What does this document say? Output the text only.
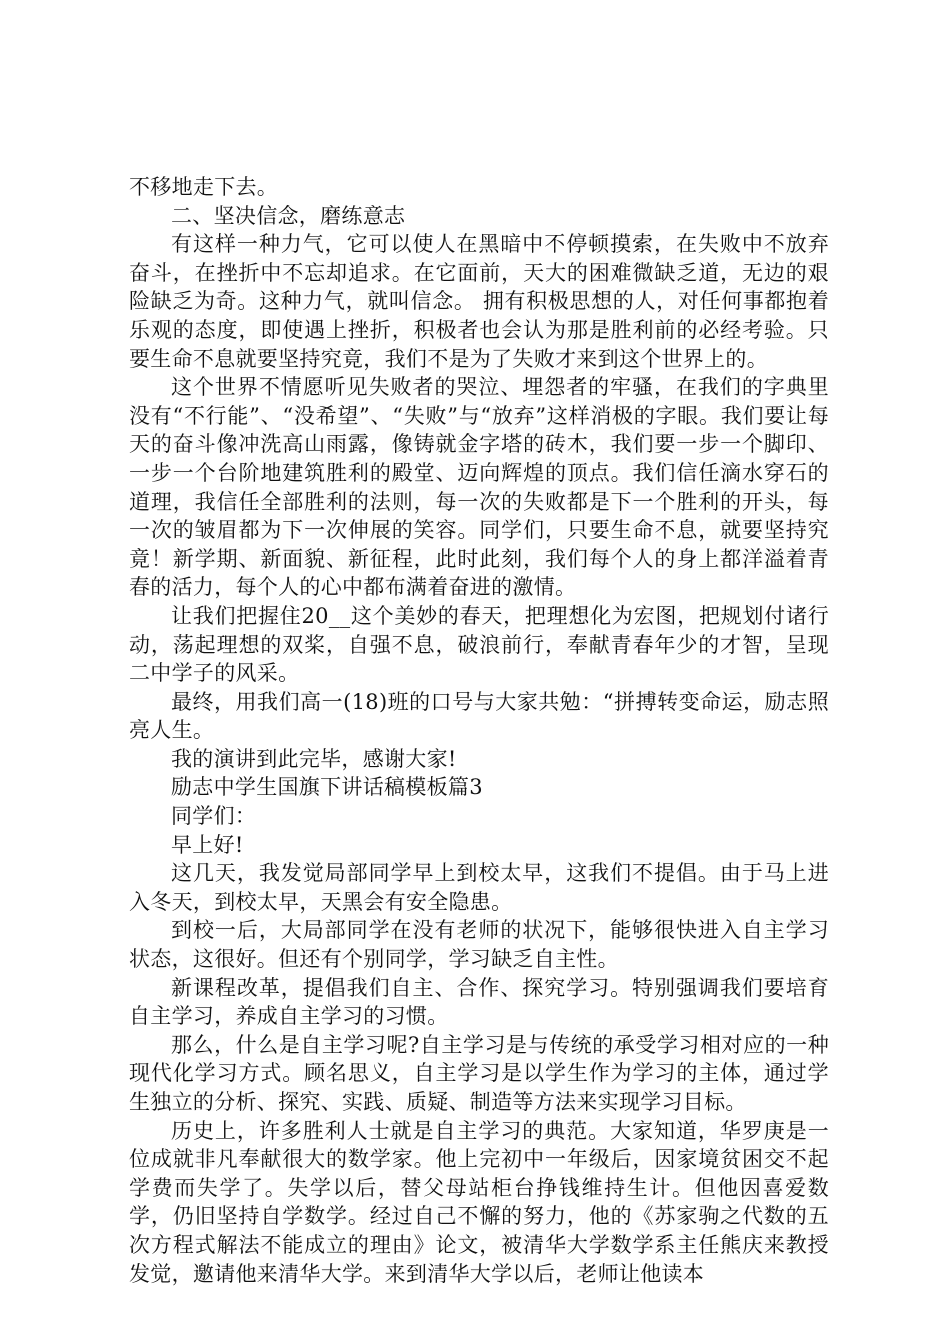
不移地走下去。

二、坚决信念，磨练意志

有这样一种力气，它可以使人在黑暗中不停顿摸索，在失败中不放弃奋斗，在挫折中不忘却追求。在它面前，天大的困难微缺乏道，无边的艰险缺乏为奇。这种力气，就叫信念。 拥有积极思想的人，对任何事都抱着乐观的态度，即使遇上挫折，积极者也会认为那是胜利前的必经考验。只要生命不息就要坚持究竟，我们不是为了失败才来到这个世界上的。

这个世界不情愿听见失败者的哭泣、埋怨者的牢骚，在我们的字典里没有“不行能”、“没希望”、“失败”与“放弃”这样消极的字眼。我们要让每天的奋斗像冲洗高山雨露，像铸就金字塔的砖木，我们要一步一个脚印、一步一个台阶地建筑胜利的殿堂、迈向辉煌的顶点。我们信任滴水穿石的道理，我信任全部胜利的法则，每一次的失败都是下一个胜利的开头，每一次的皱眉都为下一次伸展的笑容。同学们，只要生命不息，就要坚持究竟！新学期、新面貌、新征程，此时此刻，我们每个人的身上都洋溢着青春的活力，每个人的心中都布满着奋进的激情。

让我们把握住20__这个美妙的春天，把理想化为宏图，把规划付诸行动，荡起理想的双桨，自强不息，破浪前行，奉献青春年少的才智，呈现二中学子的风采。

最终，用我们高一(18)班的口号与大家共勉：“拼搏转变命运，励志照亮人生。

我的演讲到此完毕，感谢大家!

励志中学生国旗下讲话稿模板篇3

同学们：

早上好!

这几天，我发觉局部同学早上到校太早，这我们不提倡。由于马上进入冬天，到校太早，天黑会有安全隐患。

到校一后，大局部同学在没有老师的状况下，能够很快进入自主学习状态，这很好。但还有个别同学，学习缺乏自主性。

新课程改革，提倡我们自主、合作、探究学习。特别强调我们要培育自主学习，养成自主学习的习惯。

那么，什么是自主学习呢?自主学习是与传统的承受学习相对应的一种现代化学习方式。顾名思义，自主学习是以学生作为学习的主体，通过学生独立的分析、探究、实践、质疑、制造等方法来实现学习目标。

历史上，许多胜利人士就是自主学习的典范。大家知道，华罗庚是一位成就非凡奉献很大的数学家。他上完初中一年级后，因家境贫困交不起学费而失学了。失学以后，替父母站柜台挣钱维持生计。但他因喜爱数学，仍旧坚持自学数学。经过自己不懈的努力，他的《苏家驹之代数的五次方程式解法不能成立的理由》论文，被清华大学数学系主任熊庆来教授发觉，邀请他来清华大学。来到清华大学以后，老师让他读本
